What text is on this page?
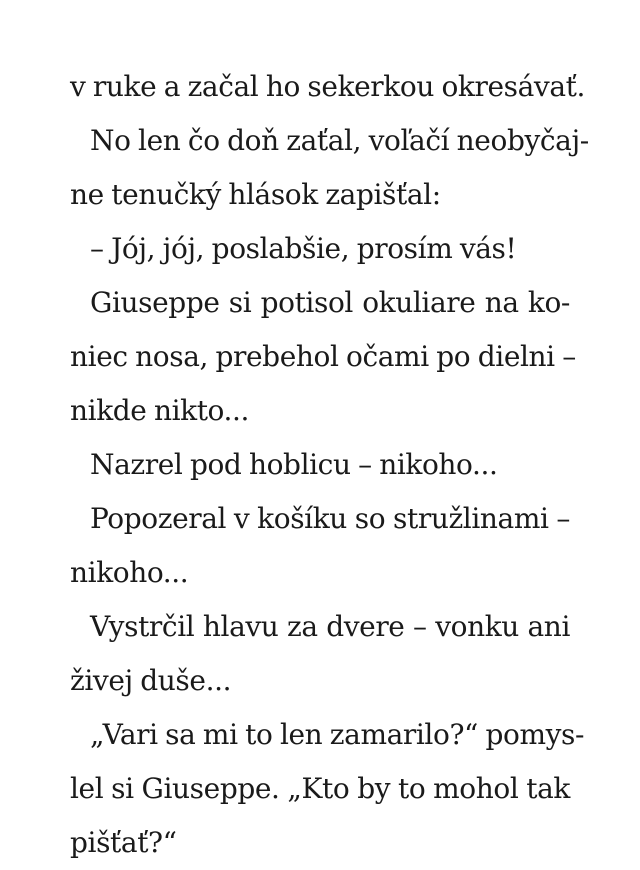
v ruke a začal ho sekerkou okresávať.
No len čo doň zaťal, voľačí neobyčaj-
ne tenučký hlások zapišťal:
– Jój, jój, poslabšie, prosím vás!
Giuseppe si potisol okuliare na ko-
niec nosa, prebehol očami po dielni –
nikde nikto...
Nazrel pod hoblicu – nikoho...
Popozeral v košíku so stružlinami –
nikoho...
Vystrčil hlavu za dvere – vonku ani
živej duše...
„Vari sa mi to len zamarilo?“ pomys-
lel si Giuseppe. „Kto by to mohol tak
pišťať?“
